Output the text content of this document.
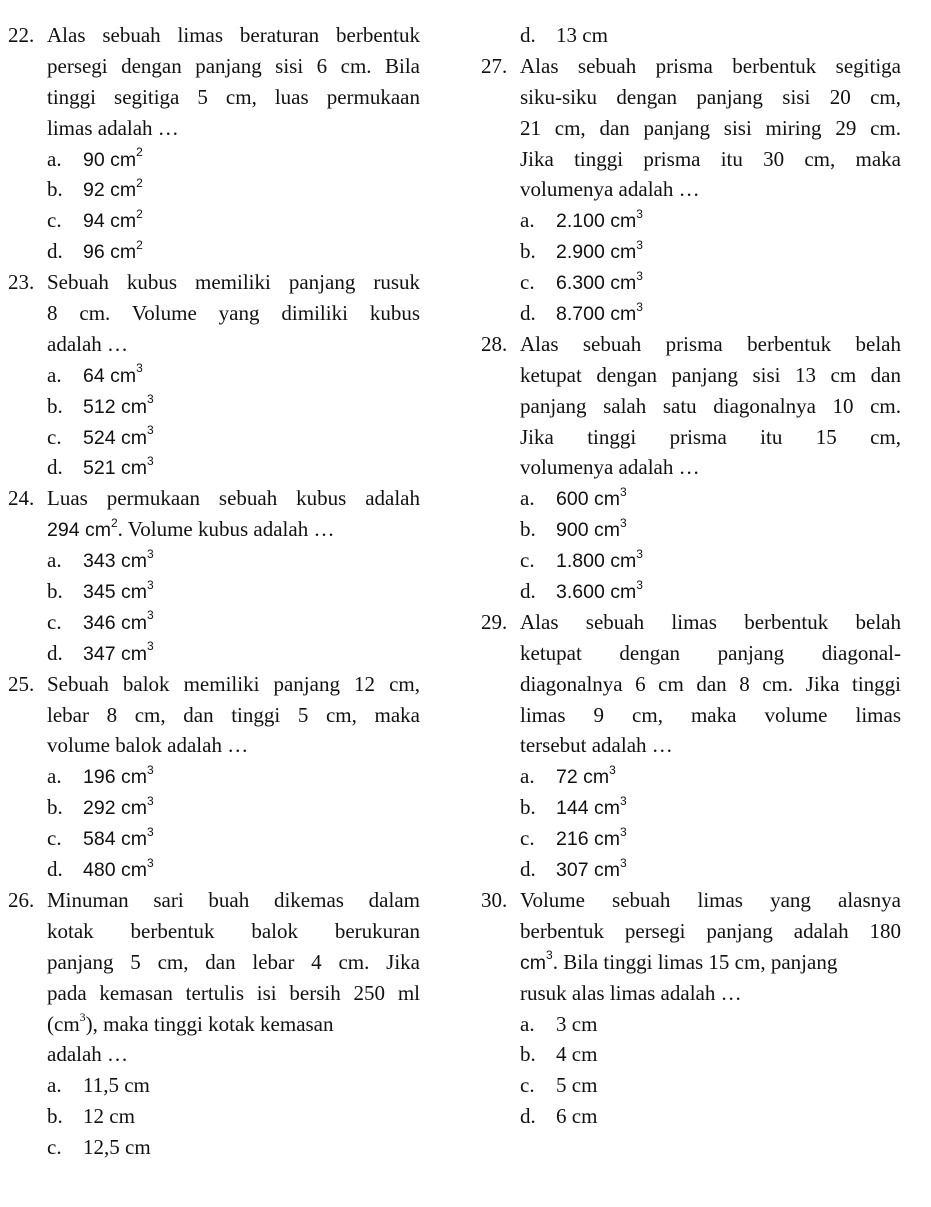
22. Alas sebuah limas beraturan berbentuk
persegi dengan panjang sisi 6 cm. Bila
tinggi segitiga 5 cm, luas permukaan
limas adalah …
a. 90 $cm^2$
b. 92 $cm^2$
c. 94 $cm^2$
d. 96 $cm^2$
23. Sebuah kubus memiliki panjang rusuk
8 cm. Volume yang dimiliki kubus
adalah …
a. 64 $cm^3$
b. 512 $cm^3$
c. 524 $cm^3$
d. 521 $cm^3$
24. Luas permukaan sebuah kubus adalah
294 $cm^2$. Volume kubus adalah …
a. 343 $cm^3$
b. 345 $cm^3$
c. 346 $cm^3$
d. 347 $cm^3$
25. Sebuah balok memiliki panjang 12 cm,
lebar 8 cm, dan tinggi 5 cm, maka
volume balok adalah …
a. 196 $cm^3$
b. 292 $cm^3$
c. 584 $cm^3$
d. 480 $cm^3$
26. Minuman sari buah dikemas dalam
kotak berbentuk balok berukuran
panjang 5 cm, dan lebar 4 cm. Jika
pada kemasan tertulis isi bersih 250 ml
$(cm^3)$, maka tinggi kotak kemasan
adalah …
a. 11,5 cm
b. 12 cm
c. 12,5 cm
d. 13 cm
27. Alas sebuah prisma berbentuk segitiga
siku-siku dengan panjang sisi 20 cm,
21 cm, dan panjang sisi miring 29 cm.
Jika tinggi prisma itu 30 cm, maka
volumenya adalah …
a. 2.100 $cm^3$
b. 2.900 $cm^3$
c. 6.300 $cm^3$
d. 8.700 $cm^3$
28. Alas sebuah prisma berbentuk belah
ketupat dengan panjang sisi 13 cm dan
panjang salah satu diagonalnya 10 cm.
Jika tinggi prisma itu 15 cm,
volumenya adalah …
a. 600 $cm^3$
b. 900 $cm^3$
c. 1.800 $cm^3$
d. 3.600 $cm^3$
29. Alas sebuah limas berbentuk belah
ketupat dengan panjang diagonal-
diagonalnya 6 cm dan 8 cm. Jika tinggi
limas 9 cm, maka volume limas
tersebut adalah …
a. 72 $cm^3$
b. 144 $cm^3$
c. 216 $cm^3$
d. 307 $cm^3$
30. Volume sebuah limas yang alasnya
berbentuk persegi panjang adalah 180
$cm^3$. Bila tinggi limas 15 cm, panjang
rusuk alas limas adalah …
a. 3 cm
b. 4 cm
c. 5 cm
d. 6 cm
